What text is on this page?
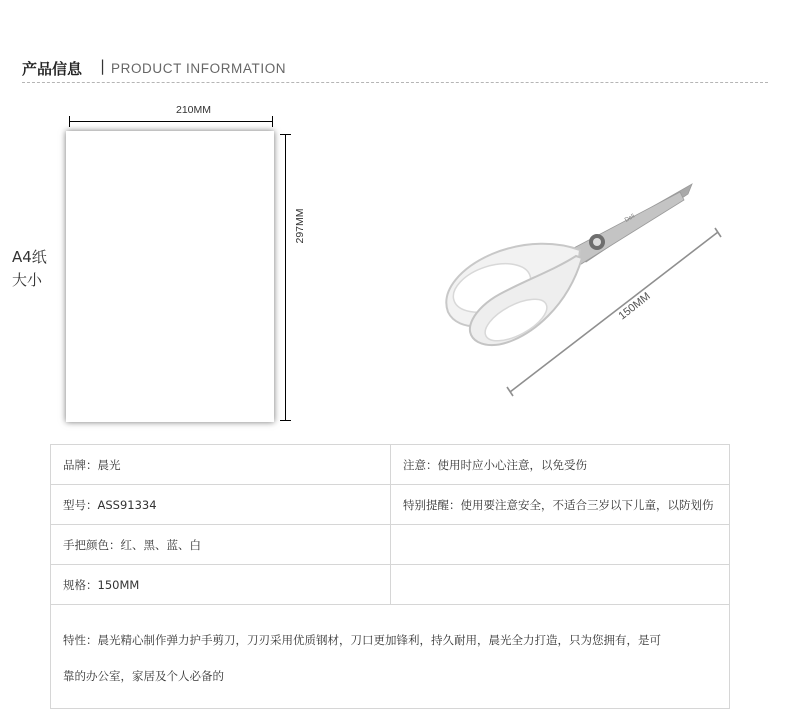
产品信息 | PRODUCT INFORMATION
210MM
297MM
A4纸
大小
150MM
Deli
品牌：晨光	注意：使用时应小心注意，以免受伤
型号：ASS91334	特别提醒：使用要注意安全，不适合三岁以下儿童，以防划伤
手把颜色：红、黑、蓝、白	
规格：150MM	

特性：晨光精心制作弹力护手剪刀，刀刃采用优质钢材，刀口更加锋利，持久耐用，晨光全力打造，只为您拥有，是可
靠的办公室，家居及个人必备的	
